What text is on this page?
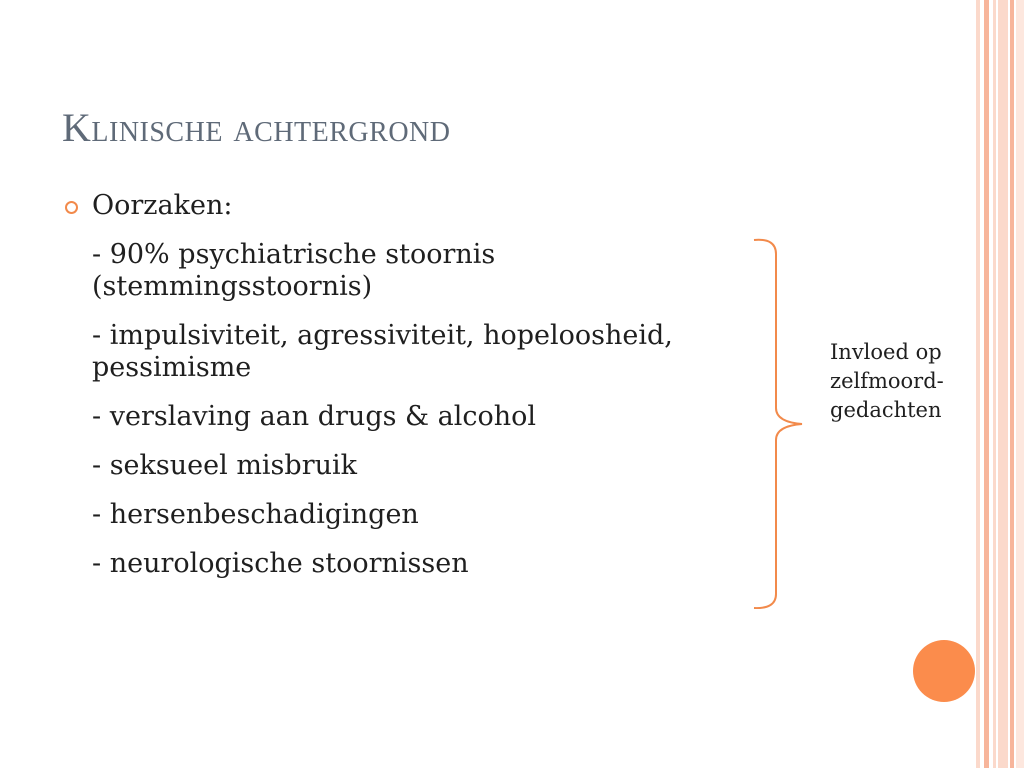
Klinische achtergrond
Oorzaken:
- 90% psychiatrische stoornis (stemmingsstoornis)
- impulsiviteit, agressiviteit, hopeloosheid, pessimisme
- verslaving aan drugs & alcohol
- seksueel misbruik
- hersenbeschadigingen
- neurologische stoornissen
Invloed op
zelfmoord-
gedachten
